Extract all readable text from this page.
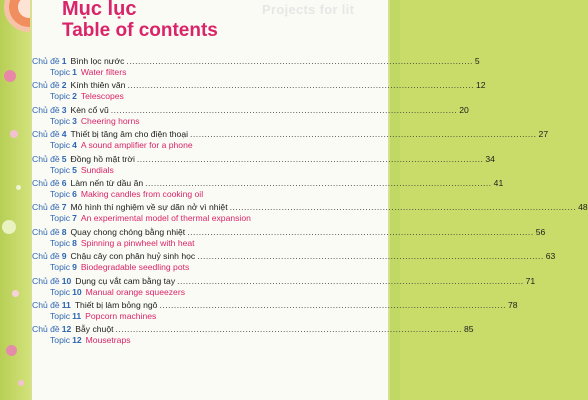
Projects for lit
Mục lục
Table of contents
Chủ đề 1 Bình lọc nước ........................................................................................................................ 5
Topic 1 Water filters
Chủ đề 2 Kính thiên văn ........................................................................................................................ 12
Topic 2 Telescopes
Chủ đề 3 Kèn cổ vũ ........................................................................................................................ 20
Topic 3 Cheering horns
Chủ đề 4 Thiết bị tăng âm cho điện thoại ........................................................................................................................ 27
Topic 4 A sound amplifier for a phone
Chủ đề 5 Đồng hồ mặt trời ........................................................................................................................ 34
Topic 5 Sundials
Chủ đề 6 Làm nến từ dầu ăn ........................................................................................................................ 41
Topic 6 Making candles from cooking oil
Chủ đề 7 Mô hình thí nghiệm về sự dãn nở vì nhiệt ........................................................................................................................ 48
Topic 7 An experimental model of thermal expansion
Chủ đề 8 Quay chong chóng bằng nhiệt ........................................................................................................................ 56
Topic 8 Spinning a pinwheel with heat
Chủ đề 9 Chậu cây con phân huỷ sinh học ........................................................................................................................ 63
Topic 9 Biodegradable seedling pots
Chủ đề 10 Dụng cụ vắt cam bằng tay ........................................................................................................................ 71
Topic 10 Manual orange squeezers
Chủ đề 11 Thiết bị làm bỏng ngô ........................................................................................................................ 78
Topic 11 Popcorn machines
Chủ đề 12 Bẫy chuột ........................................................................................................................ 85
Topic 12 Mousetraps
